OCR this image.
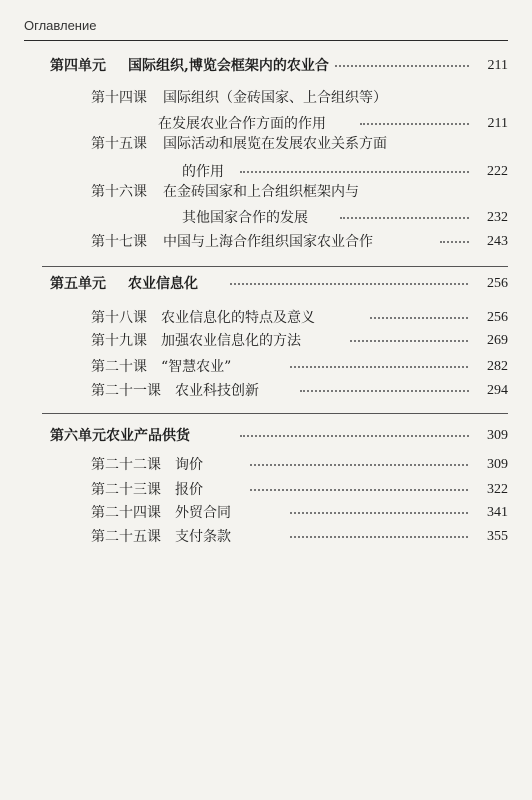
Оглавление
第四单元 国际组织,博览会框架内的农业合	211
第十四课 国际组织（金砖国家、上合组织等）
在发展农业合作方面的作用	211
第十五课 国际活动和展览在发展农业关系方面
的作用	222
第十六课 在金砖国家和上合组织框架内与
其他国家合作的发展	232
第十七课 中国与上海合作组织国家农业合作	243
第五单元 农业信息化	256
第十八课 农业信息化的特点及意义	256
第十九课 加强农业信息化的方法	269
第二十课 “智慧农业”	282
第二十一课 农业科技创新	294
第六单元农业产品供货	309
第二十二课 询价	309
第二十三课 报价	322
第二十四课 外贸合同	341
第二十五课 支付条款	355
